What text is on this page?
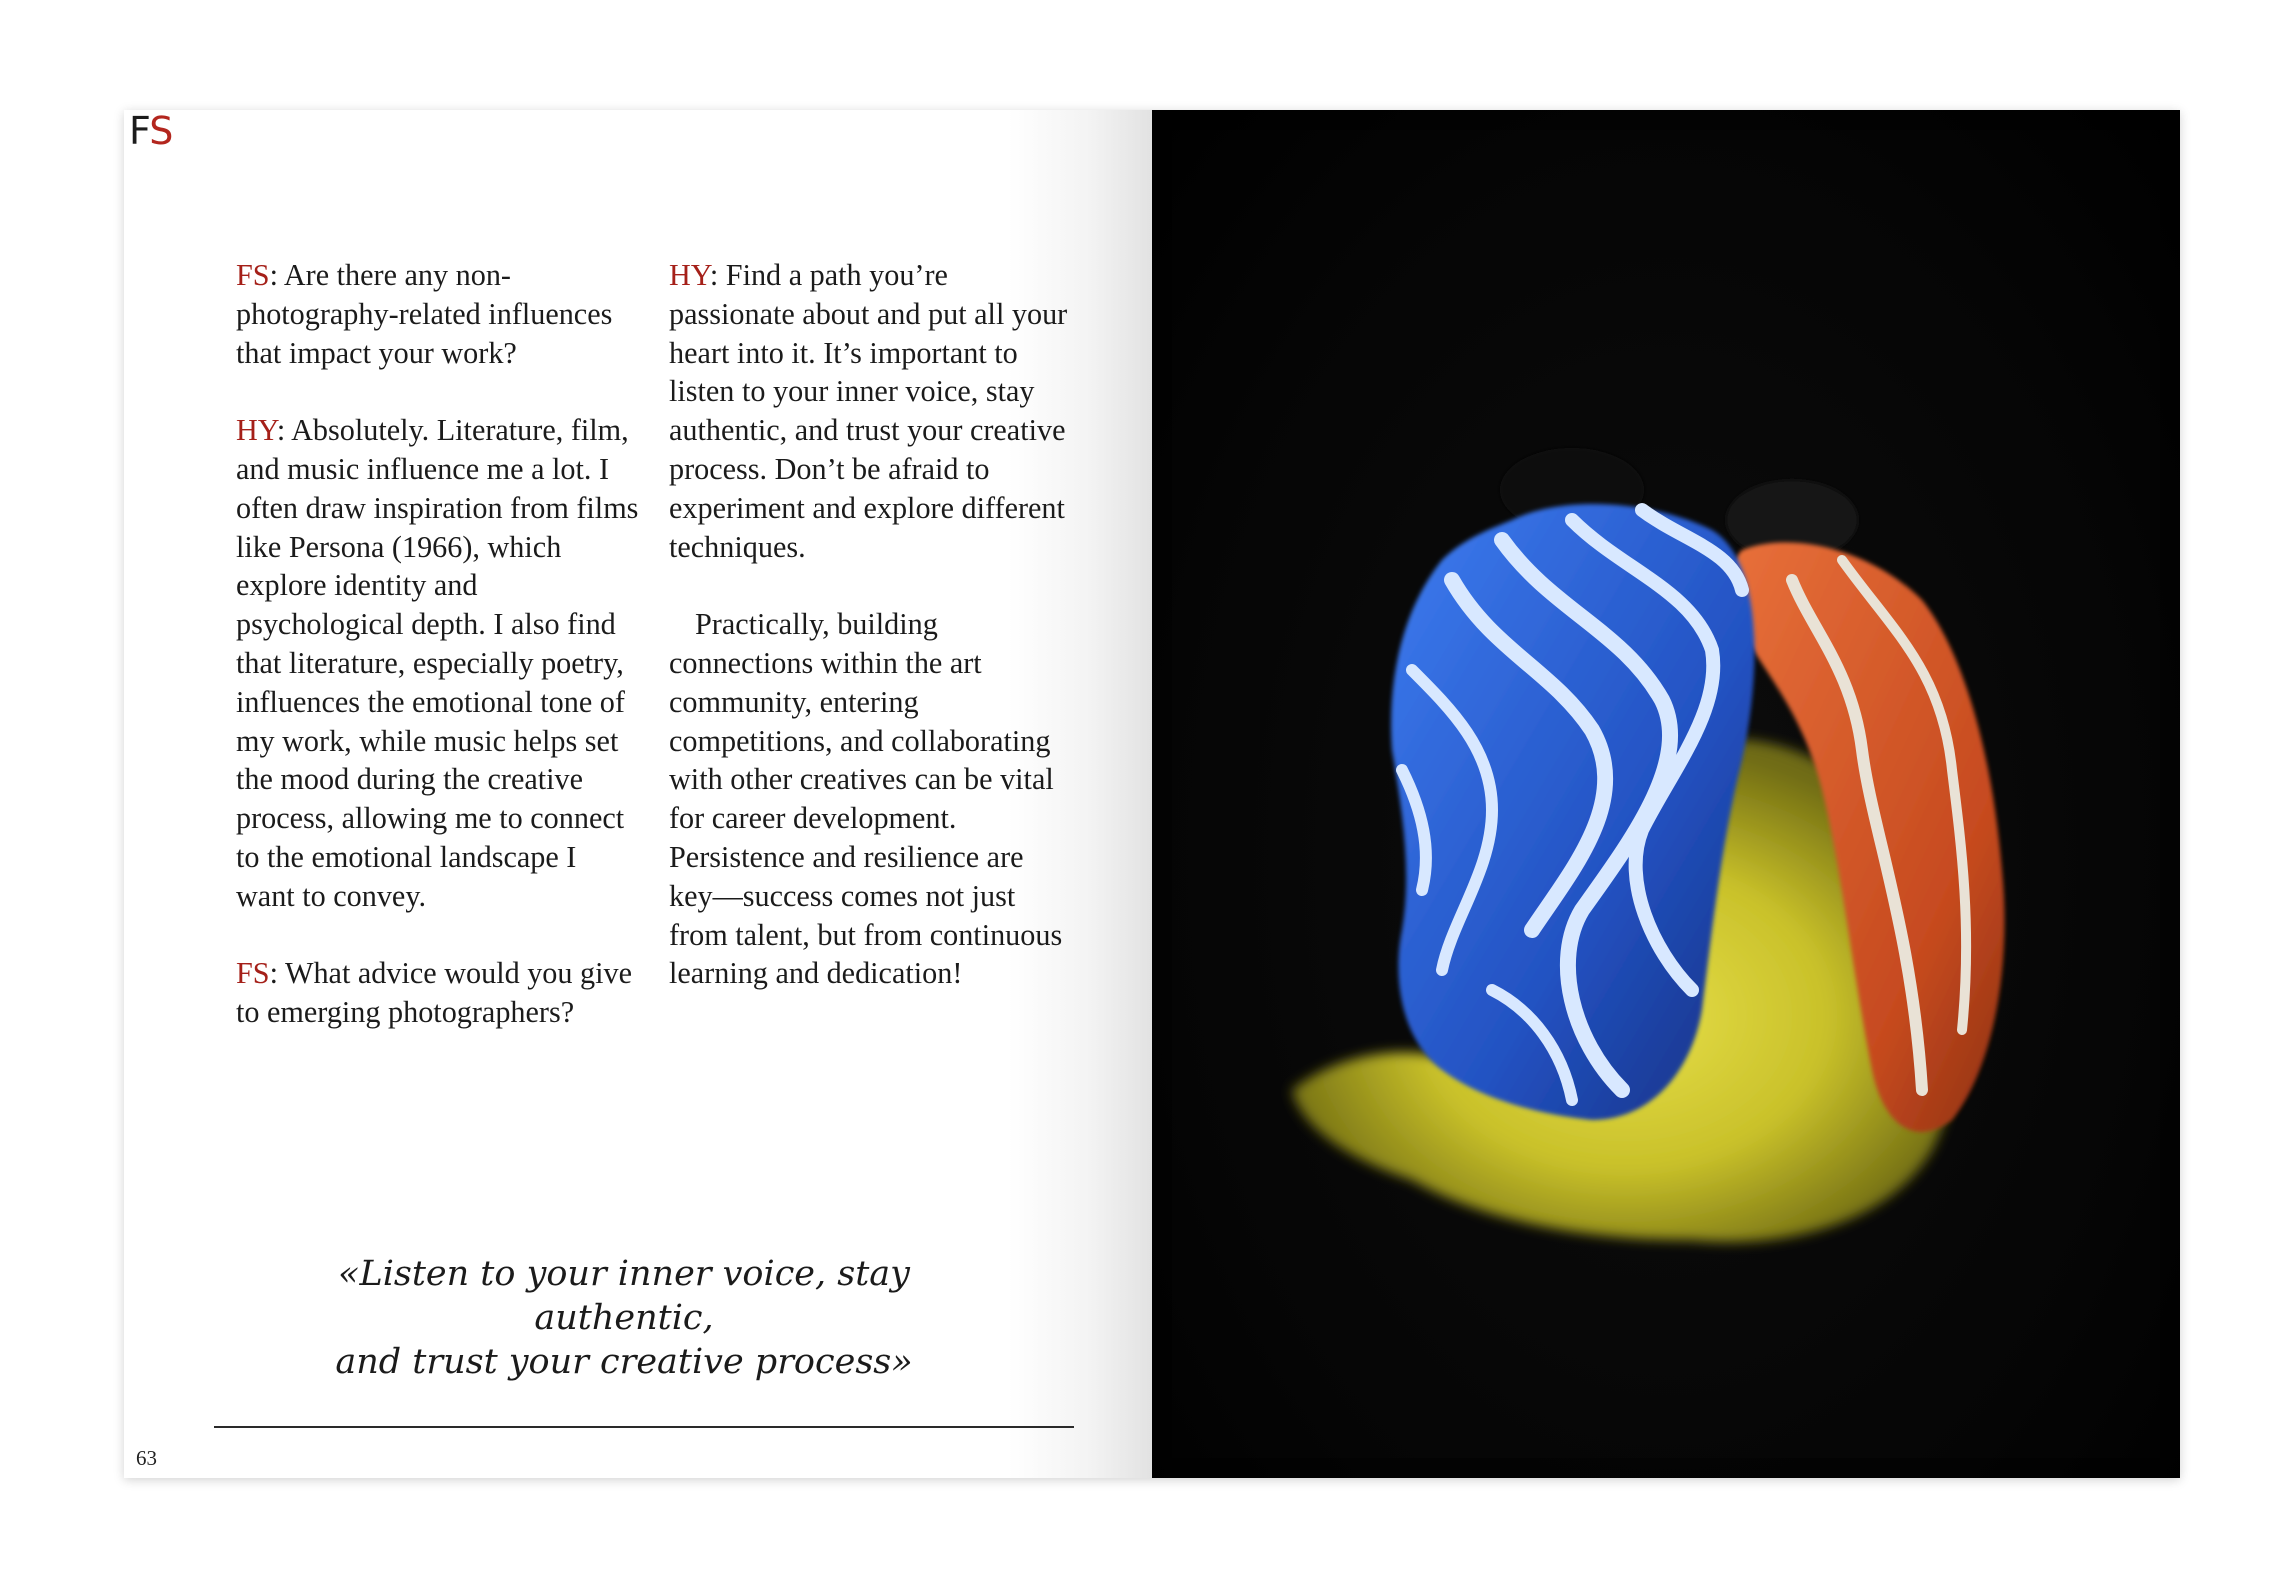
FS

FS: Are there any non-photography-related influences that impact your work?

HY: Absolutely. Literature, film, and music influence me a lot. I often draw inspiration from films like Persona (1966), which explore identity and psychological depth. I also find that literature, especially poetry, influences the emotional tone of my work, while music helps set the mood during the creative process, allowing me to connect to the emotional landscape I want to convey.

FS: What advice would you give to emerging photographers?

HY: Find a path you’re passionate about and put all your heart into it. It’s important to listen to your inner voice, stay authentic, and trust your creative process. Don’t be afraid to experiment and explore different techniques.

Practically, building connections within the art community, entering competitions, and collaborating with other creatives can be vital for career development. Persistence and resilience are key—success comes not just from talent, but from continuous learning and dedication!

«Listen to your inner voice, stay authentic,
and trust your creative process»
63
